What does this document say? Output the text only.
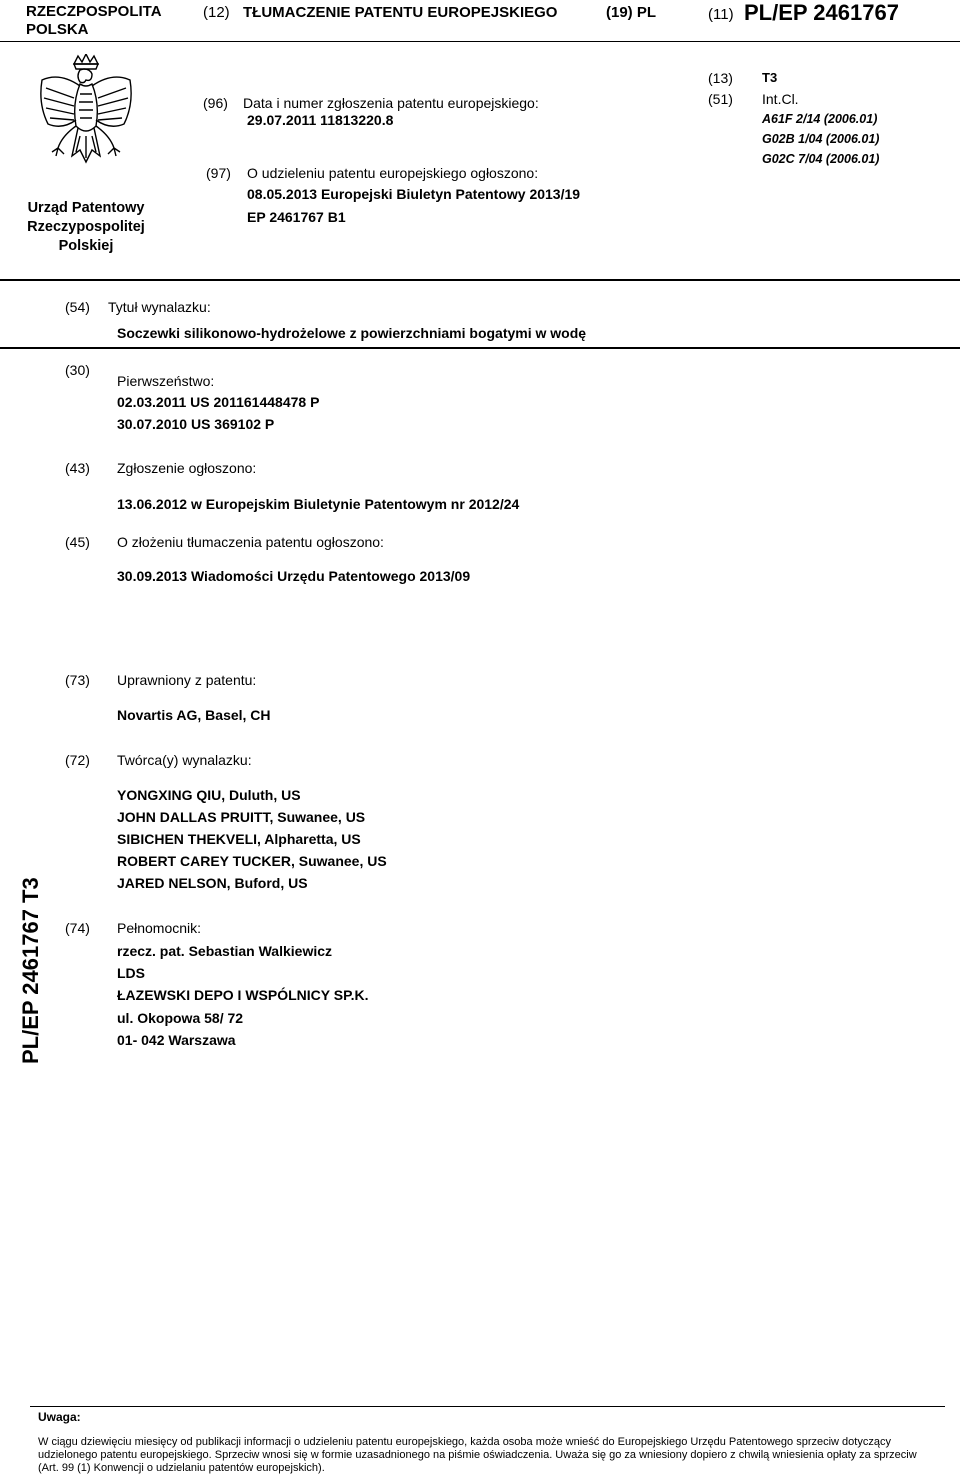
RZECZPOSPOLITA
POLSKA
(12) TŁUMACZENIE PATENTU EUROPEJSKIEGO	(19) PL	(11) PL/EP 2461767
Urząd Patentowy
Rzeczypospolitej
Polskiej
(96) Data i numer zgłoszenia patentu europejskiego:
29.07.2011 11813220.8
(97) O udzieleniu patentu europejskiego ogłoszono:
08.05.2013 Europejski Biuletyn Patentowy 2013/19
EP 2461767 B1
(13) T3
(51) Int.Cl.
A61F 2/14 (2006.01)
G02B 1/04 (2006.01)
G02C 7/04 (2006.01)
(54) Tytuł wynalazku:
Soczewki silikonowo-hydrożelowe z powierzchniami bogatymi w wodę
(30)
Pierwszeństwo:
02.03.2011 US 201161448478 P
30.07.2010 US 369102 P
(43) Zgłoszenie ogłoszono:
13.06.2012 w Europejskim Biuletynie Patentowym nr 2012/24
(45) O złożeniu tłumaczenia patentu ogłoszono:
30.09.2013 Wiadomości Urzędu Patentowego 2013/09
(73) Uprawniony z patentu:
Novartis AG, Basel, CH
(72) Twórca(y) wynalazku:
YONGXING QIU, Duluth, US
JOHN DALLAS PRUITT, Suwanee, US
SIBICHEN THEKVELI, Alpharetta, US
ROBERT CAREY TUCKER, Suwanee, US
JARED NELSON, Buford, US
(74) Pełnomocnik:
rzecz. pat. Sebastian Walkiewicz
LDS
ŁAZEWSKI DEPO I WSPÓLNICY SP.K.
ul. Okopowa 58/ 72
01- 042 Warszawa
PL/EP 2461767 T3
Uwaga:
W ciągu dziewięciu miesięcy od publikacji informacji o udzieleniu patentu europejskiego, każda osoba może wnieść do Europejskiego Urzędu Patentowego sprzeciw dotyczący udzielonego patentu europejskiego. Sprzeciw wnosi się w formie uzasadnionego na piśmie oświadczenia. Uważa się go za wniesiony dopiero z chwilą wniesienia opłaty za sprzeciw (Art. 99 (1) Konwencji o udzielaniu patentów europejskich).
